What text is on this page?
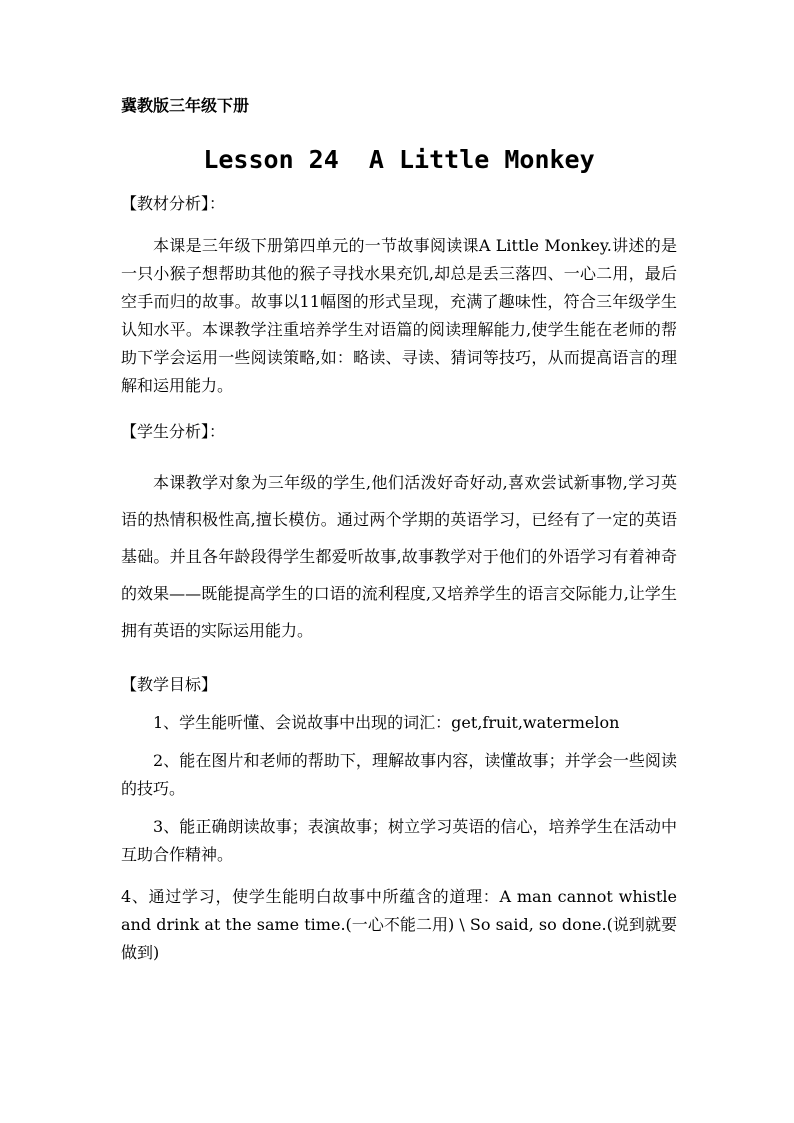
冀教版三年级下册

Lesson 24  A Little Monkey

【教材分析】：

本课是三年级下册第四单元的一节故事阅读课A Little Monkey.讲述的是一只小猴子想帮助其他的猴子寻找水果充饥,却总是丢三落四、一心二用，最后空手而归的故事。故事以11幅图的形式呈现，充满了趣味性，符合三年级学生认知水平。本课教学注重培养学生对语篇的阅读理解能力,使学生能在老师的帮助下学会运用一些阅读策略,如：略读、寻读、猜词等技巧，从而提高语言的理解和运用能力。

【学生分析】：

本课教学对象为三年级的学生,他们活泼好奇好动,喜欢尝试新事物,学习英语的热情积极性高,擅长模仿。通过两个学期的英语学习，已经有了一定的英语基础。并且各年龄段得学生都爱听故事,故事教学对于他们的外语学习有着神奇的效果——既能提高学生的口语的流利程度,又培养学生的语言交际能力,让学生拥有英语的实际运用能力。

【教学目标】

1、学生能听懂、会说故事中出现的词汇：get,fruit,watermelon

2、能在图片和老师的帮助下，理解故事内容，读懂故事；并学会一些阅读的技巧。

3、能正确朗读故事；表演故事；树立学习英语的信心，培养学生在活动中互助合作精神。

4、通过学习，使学生能明白故事中所蕴含的道理：A man cannot whistle and drink at the same time.(一心不能二用) \ So said, so done.(说到就要做到)
